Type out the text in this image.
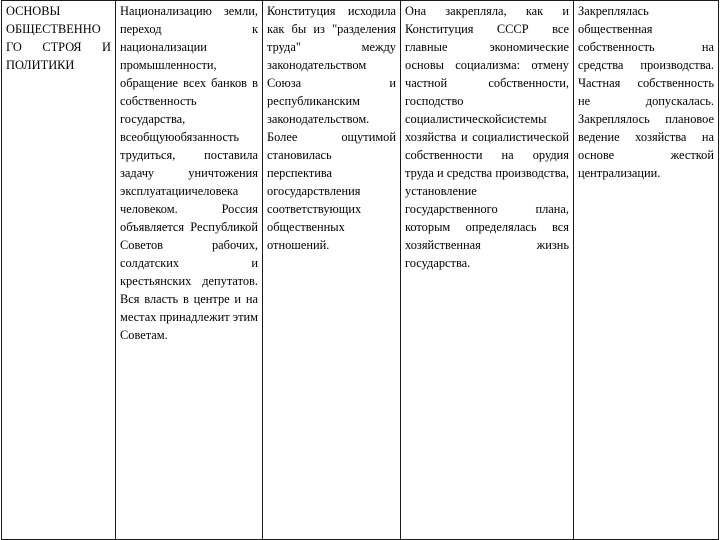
ОСНОВЫ ОБЩЕСТВЕННО ГО СТРОЯ И ПОЛИТИКИ	Национализацию земли, переход к национализации промышленности, обращение всех банков в собственность государства, всеобщуюобязанность трудиться, поставила задачу уничтожения эксплуатациичеловека человеком. Россия объявляется Республикой Советов рабочих, солдатских и крестьянских депутатов. Вся власть в центре и на местах принадлежит этим Советам.	Конституция исходила как бы из "разделения труда" между законодательством Союза и республиканским законодательством. Более ощутимой становилась перспектива огосударствления соответствующих общественных отношений.	Она закрепляла, как и Конституция СССР все главные экономические основы социализма: отмену частной собственности, господство социалистическойсистемы хозяйства и социалистической собственности на орудия труда и средства производства, установление государственного плана, которым определялась вся хозяйственная жизнь государства.	Закреплялась общественная собственность на средства производства. Частная собственность не допускалась. Закреплялось плановое ведение хозяйства на основе жесткой централизации.
